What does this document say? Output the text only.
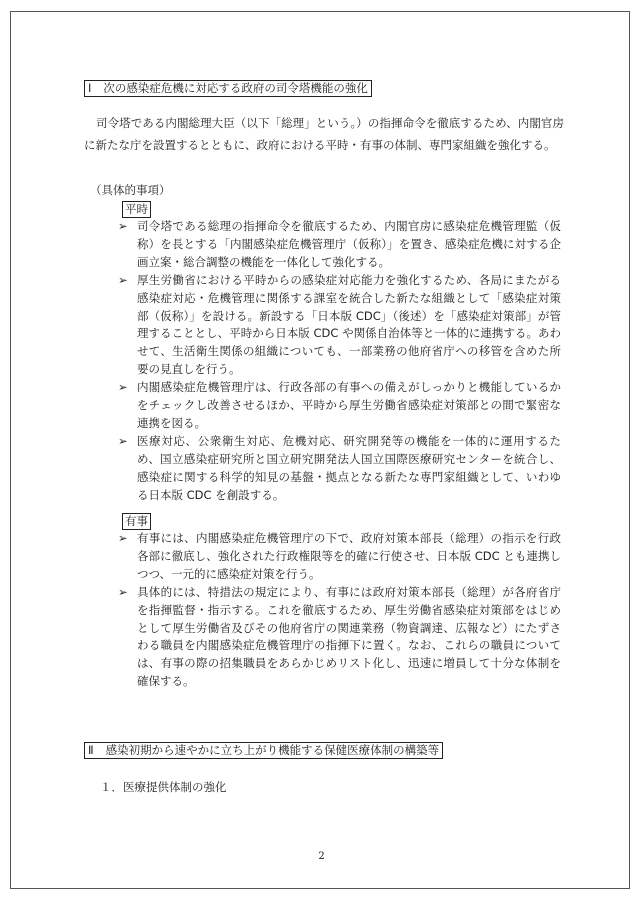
Ⅰ 次の感染症危機に対応する政府の司令塔機能の強化
司令塔である内閣総理大臣（以下「総理」という。）の指揮命令を徹底するため、内閣官房に新たな庁を設置するとともに、政府における平時・有事の体制、専門家組織を強化する。
（具体的事項）
平時
➢ 司令塔である総理の指揮命令を徹底するため、内閣官房に感染症危機管理監（仮称）を長とする「内閣感染症危機管理庁（仮称）」を置き、感染症危機に対する企画立案・総合調整の機能を一体化して強化する。
➢ 厚生労働省における平時からの感染症対応能力を強化するため、各局にまたがる感染症対応・危機管理に関係する課室を統合した新たな組織として「感染症対策部（仮称）」を設ける。新設する「日本版 CDC」（後述）を「感染症対策部」が管理することとし、平時から日本版 CDC や関係自治体等と一体的に連携する。あわせて、生活衛生関係の組織についても、一部業務の他府省庁への移管を含めた所要の見直しを行う。
➢ 内閣感染症危機管理庁は、行政各部の有事への備えがしっかりと機能しているかをチェックし改善させるほか、平時から厚生労働省感染症対策部との間で緊密な連携を図る。
➢ 医療対応、公衆衛生対応、危機対応、研究開発等の機能を一体的に運用するため、国立感染症研究所と国立研究開発法人国立国際医療研究センターを統合し、感染症に関する科学的知見の基盤・拠点となる新たな専門家組織として、いわゆる日本版 CDC を創設する。
有事
➢ 有事には、内閣感染症危機管理庁の下で、政府対策本部長（総理）の指示を行政各部に徹底し、強化された行政権限等を的確に行使させ、日本版 CDC とも連携しつつ、一元的に感染症対策を行う。
➢ 具体的には、特措法の規定により、有事には政府対策本部長（総理）が各府省庁を指揮監督・指示する。これを徹底するため、厚生労働省感染症対策部をはじめとして厚生労働省及びその他府省庁の関連業務（物資調達、広報など）にたずさわる職員を内閣感染症危機管理庁の指揮下に置く。なお、これらの職員については、有事の際の招集職員をあらかじめリスト化し、迅速に増員して十分な体制を確保する。
Ⅱ 感染初期から速やかに立ち上がり機能する保健医療体制の構築等
１．医療提供体制の強化
2
